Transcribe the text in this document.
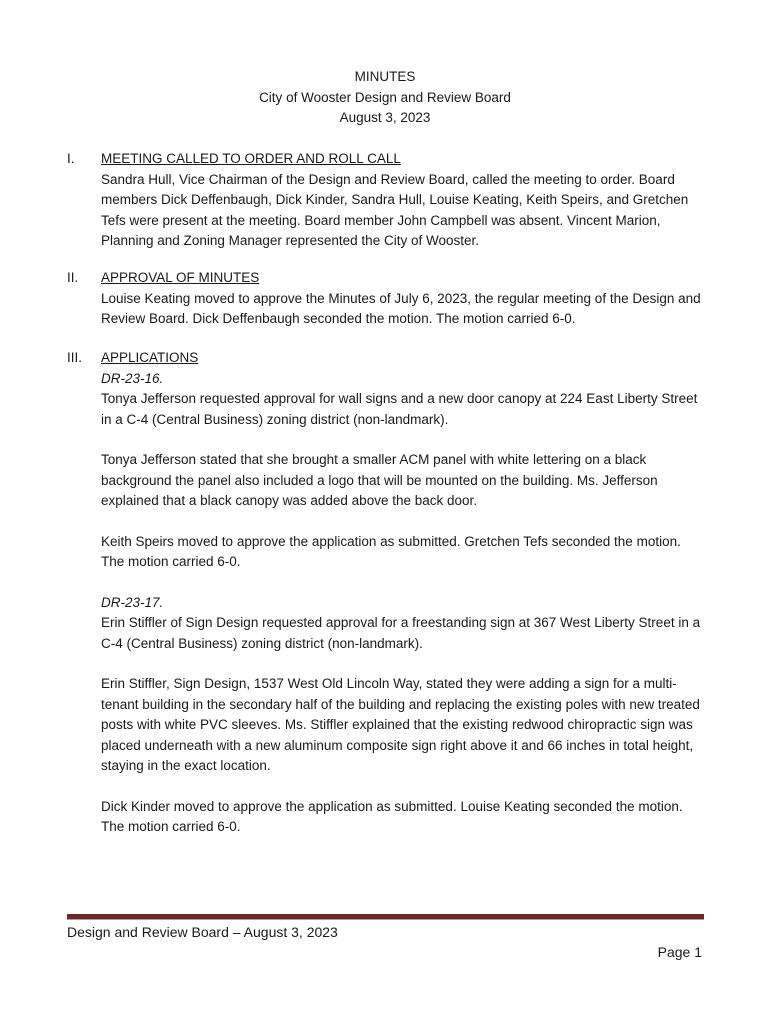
MINUTES
City of Wooster Design and Review Board
August 3, 2023
I. MEETING CALLED TO ORDER AND ROLL CALL

Sandra Hull, Vice Chairman of the Design and Review Board, called the meeting to order. Board members Dick Deffenbaugh, Dick Kinder, Sandra Hull, Louise Keating, Keith Speirs, and Gretchen Tefs were present at the meeting. Board member John Campbell was absent. Vincent Marion, Planning and Zoning Manager represented the City of Wooster.

II. APPROVAL OF MINUTES

Louise Keating moved to approve the Minutes of July 6, 2023, the regular meeting of the Design and Review Board. Dick Deffenbaugh seconded the motion. The motion carried 6-0.

III. APPLICATIONS
DR-23-16.

Tonya Jefferson requested approval for wall signs and a new door canopy at 224 East Liberty Street in a C-4 (Central Business) zoning district (non-landmark).

Tonya Jefferson stated that she brought a smaller ACM panel with white lettering on a black background the panel also included a logo that will be mounted on the building. Ms. Jefferson explained that a black canopy was added above the back door.

Keith Speirs moved to approve the application as submitted. Gretchen Tefs seconded the motion. The motion carried 6-0.

DR-23-17.

Erin Stiffler of Sign Design requested approval for a freestanding sign at 367 West Liberty Street in a C-4 (Central Business) zoning district (non-landmark).

Erin Stiffler, Sign Design, 1537 West Old Lincoln Way, stated they were adding a sign for a multi-tenant building in the secondary half of the building and replacing the existing poles with new treated posts with white PVC sleeves. Ms. Stiffler explained that the existing redwood chiropractic sign was placed underneath with a new aluminum composite sign right above it and 66 inches in total height, staying in the exact location.

Dick Kinder moved to approve the application as submitted. Louise Keating seconded the motion. The motion carried 6-0.

Design and Review Board – August 3, 2023
Page 1
